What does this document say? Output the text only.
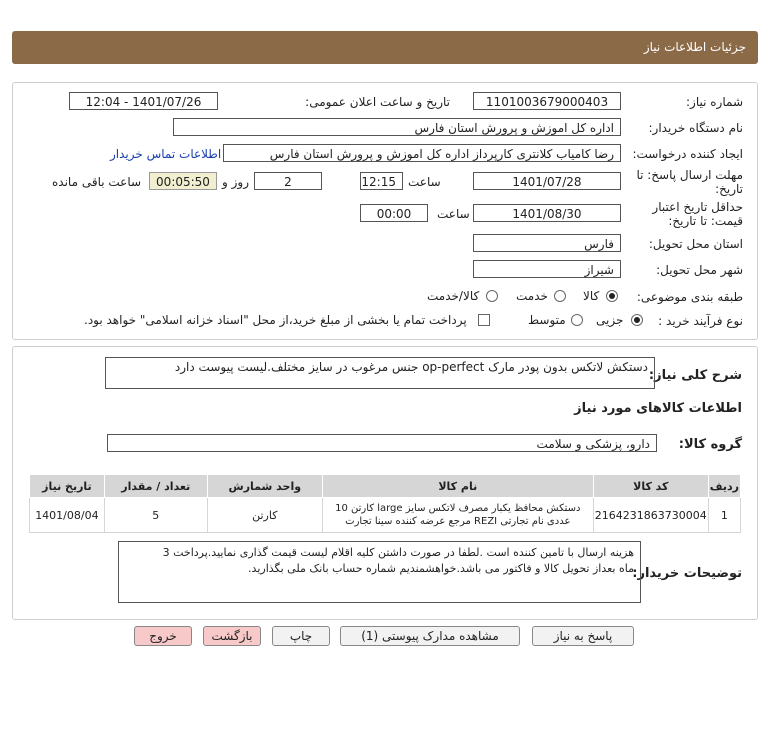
جزئیات اطلاعات نیاز
شماره نیاز:
1101003679000403
تاریخ و ساعت اعلان عمومی:
1401/07/26 - 12:04
نام دستگاه خریدار:
اداره کل اموزش و پرورش استان فارس
ایجاد کننده درخواست:
رضا کامیاب کلانتری کارپرداز اداره کل اموزش و پرورش استان فارس
اطلاعات تماس خریدار
مهلت ارسال پاسخ: تا
تاریخ:
1401/07/28
ساعت
12:15
2
روز و
00:05:50
ساعت باقی مانده
حداقل تاریخ اعتبار
قیمت: تا تاریخ:
1401/08/30
ساعت
00:00
استان محل تحویل:
فارس
شهر محل تحویل:
شیراز
طبقه بندی موضوعی:
کالا
خدمت
کالا/خدمت
نوع فرآیند خرید :
جزیی
متوسط
پرداخت تمام یا بخشی از مبلغ خرید،از محل "اسناد خزانه اسلامی" خواهد بود.
شرح کلی نیاز:
دستکش لاتکس بدون پودر مارک op-perfect جنس مرغوب در سایز مختلف.لیست پیوست دارد
اطلاعات کالاهای مورد نیاز
گروه کالا:
دارو، پزشکی و سلامت
ردیف	کد کالا	نام کالا	واحد شمارش	تعداد / مقدار	تاریخ نیاز
1	2164231863730004	دستکش محافظ یکبار مصرف لاتکس سایز large کارتن 10
عددی نام تجارتی REZI مرجع عرضه کننده سینا تجارت	کارتن	5	1401/08/04
توضیحات خریدار:
هزینه ارسال با تامین کننده است .لطفا در صورت داشتن کلیه اقلام لیست قیمت گذاری نمایید.پرداخت 3
ماه بعداز تحویل کالا و فاکتور می باشد.خواهشمندیم شماره حساب بانک ملی بگذارید.
پاسخ به نیاز
مشاهده مدارک پیوستی (1)
چاپ
بازگشت
خروج
